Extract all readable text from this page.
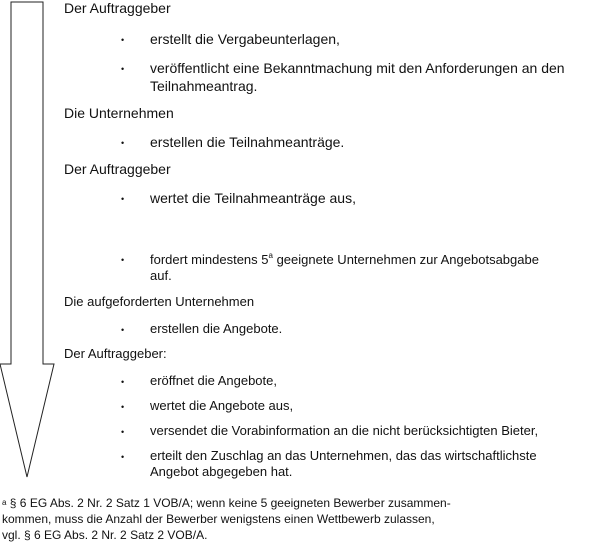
Der Auftraggeber
• erstellt die Vergabeunterlagen,
• veröffentlicht eine Bekanntmachung mit den Anforderungen an den
Teilnahmeantrag.
Die Unternehmen
• erstellen die Teilnahmeanträge.
Der Auftraggeber
• wertet die Teilnahmeanträge aus,
• fordert mindestens 5$^a$ geeignete Unternehmen zur Angebotsabgabe
auf.
Die aufgeforderten Unternehmen
• erstellen die Angebote.
Der Auftraggeber:
• eröffnet die Angebote,
• wertet die Angebote aus,
• versendet die Vorabinformation an die nicht berücksichtigten Bieter,
• erteilt den Zuschlag an das Unternehmen, das das wirtschaftlichste
Angebot abgegeben hat.
$^a$ § 6 EG Abs. 2 Nr. 2 Satz 1 VOB/A; wenn keine 5 geeigneten Bewerber zusammen-
kommen, muss die Anzahl der Bewerber wenigstens einen Wettbewerb zulassen,
vgl. § 6 EG Abs. 2 Nr. 2 Satz 2 VOB/A.
